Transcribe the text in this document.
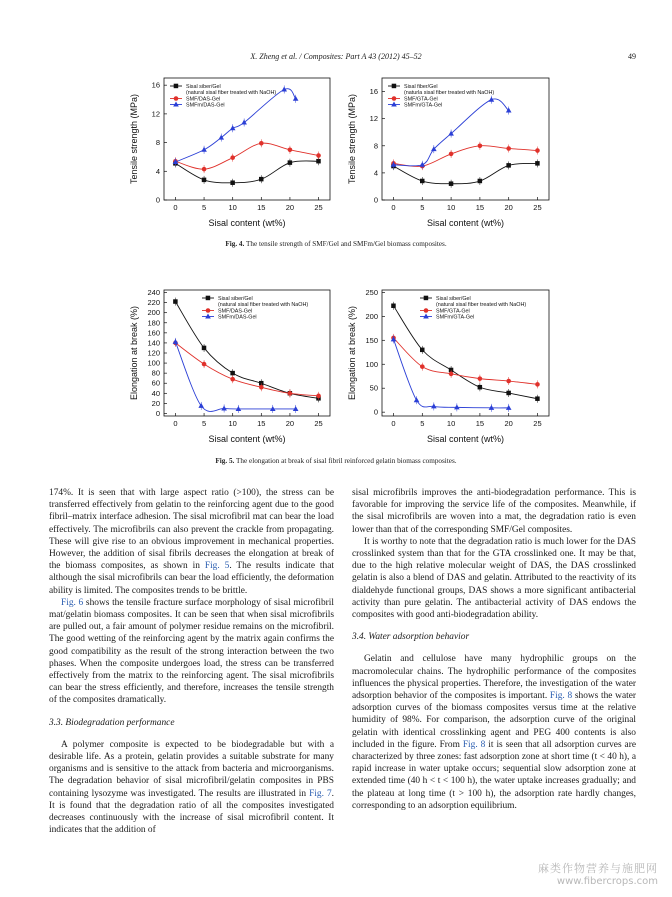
X. Zheng et al. / Composites: Part A 43 (2012) 45–52	49
0	5	10	15	20	25
0
4
8
12
16
Sisal content (wt%)
Tensile strength (MPa)
Sisal siber/Gel
(natural sisal fiber treated with NaOH)
SMF/DAS-Gel
SMFm/DAS-Gel
0	5	10	15	20	25
0
4
8
12
16
Sisal content (wt%)
Tensile strength (MPa)
Sisal fiber/Gel
(naturla sisal fiber treated with NaOH)
SMF/GTA-Gel
SMFm/GTA-Gel
Fig. 4. The tensile strength of SMF/Gel and SMFm/Gel biomass composites.
0	5	10	15	20	25
0
20
40
60
80
100
120
140
160
180
200
220
240
Sisal content (wt%)
Elongation at break (%)
Sisal siber/Gel
(natural sisal fiber treated with NaOH)
SMF/DAS-Gel
SMFm/DAS-Gel
0	5	10	15	20	25
0
50
100
150
200
250
Sisal content (wt%)
Elongation at break (%)
Sisal siber/Gel
(natural sisal fiber treated with NaOH)
SMF/GTA-Gel
SMFm/GTA-Gel
Fig. 5. The elongation at break of sisal fibril reinforced gelatin biomass composites.

174%. It is seen that with large aspect ratio (>100), the stress can be transferred effectively from gelatin to the reinforcing agent due to the good fibril–matrix interface adhesion. The sisal microfibril mat can bear the load effectively. The microfibrils can also prevent the crackle from propagating. These will give rise to an obvious improvement in mechanical properties. However, the addition of sisal fibrils decreases the elongation at break of the biomass composites, as shown in Fig. 5. The results indicate that although the sisal microfibrils can bear the load efficiently, the deformation ability is limited. The composites trends to be brittle.

Fig. 6 shows the tensile fracture surface morphology of sisal microfibril mat/gelatin biomass composites. It can be seen that when sisal microfibrils are pulled out, a fair amount of polymer residue remains on the microfibril. The good wetting of the reinforcing agent by the matrix again confirms the good compatibility as the result of the strong interaction between the two phases. When the composite undergoes load, the stress can be transferred effectively from the matrix to the reinforcing agent. The sisal microfibrils can bear the stress efficiently, and therefore, increases the tensile strength of the composites dramatically.

3.3. Biodegradation performance

A polymer composite is expected to be biodegradable but with a desirable life. As a protein, gelatin provides a suitable substrate for many organisms and is sensitive to the attack from bacteria and microorganisms. The degradation behavior of sisal microfibril/gelatin composites in PBS containing lysozyme was investigated. The results are illustrated in Fig. 7. It is found that the degradation ratio of all the composites investigated decreases continuously with the increase of sisal microfibril content. It indicates that the addition of

sisal microfibrils improves the anti-biodegradation performance. This is favorable for improving the service life of the composites. Meanwhile, if the sisal microfibrils are woven into a mat, the degradation ratio is even lower than that of the corresponding SMF/Gel composites.

It is worthy to note that the degradation ratio is much lower for the DAS crosslinked system than that for the GTA crosslinked one. It may be that, due to the high relative molecular weight of DAS, the DAS crosslinked gelatin is also a blend of DAS and gelatin. Attributed to the reactivity of its dialdehyde functional groups, DAS shows a more significant antibacterial activity than pure gelatin. The antibacterial activity of DAS endows the composites with good anti-biodegradation ability.

3.4. Water adsorption behavior

Gelatin and cellulose have many hydrophilic groups on the macromolecular chains. The hydrophilic performance of the composites influences the physical properties. Therefore, the investigation of the water adsorption behavior of the composites is important. Fig. 8 shows the water adsorption curves of the biomass composites versus time at the relative humidity of 98%. For comparison, the adsorption curve of the original gelatin with identical crosslinking agent and PEG 400 contents is also included in the figure. From Fig. 8 it is seen that all adsorption curves are characterized by three zones: fast adsorption zone at short time (t < 40 h), a rapid increase in water uptake occurs; sequential slow adsorption zone at extended time (40 h < t < 100 h), the water uptake increases gradually; and the plateau at long time (t > 100 h), the adsorption rate hardly changes, corresponding to an adsorption equilibrium.

麻类作物营养与施肥网
www.fibercrops.com
